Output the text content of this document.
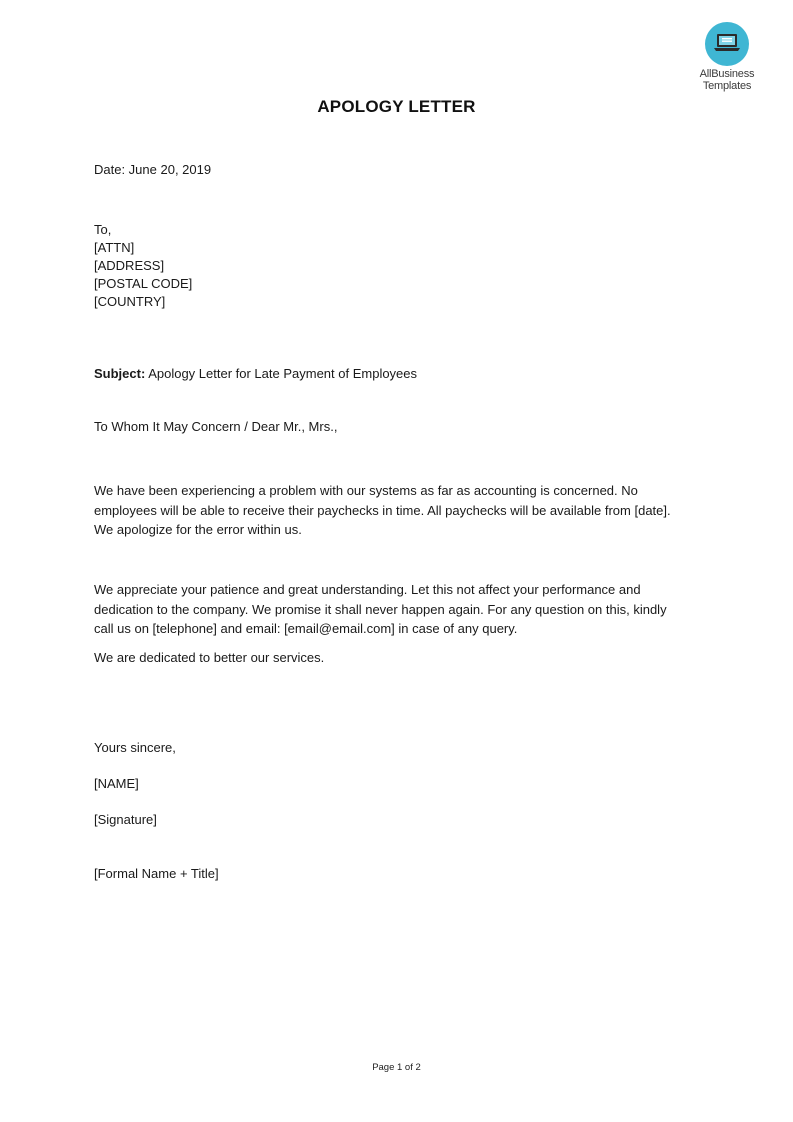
AllBusiness
Templates
APOLOGY LETTER
Date: June 20, 2019
To,
[ATTN]
[ADDRESS]
[POSTAL CODE]
[COUNTRY]
Subject: Apology Letter for Late Payment of Employees
To Whom It May Concern / Dear Mr., Mrs.,
We have been experiencing a problem with our systems as far as accounting is concerned. No
employees will be able to receive their paychecks in time. All paychecks will be available from [date].
We apologize for the error within us.
We appreciate your patience and great understanding. Let this not affect your performance and
dedication to the company. We promise it shall never happen again. For any question on this, kindly
call us on [telephone] and email: [email@email.com] in case of any query.
We are dedicated to better our services.
Yours sincere,
[NAME]
[Signature]
[Formal Name + Title]
Page 1 of 2
